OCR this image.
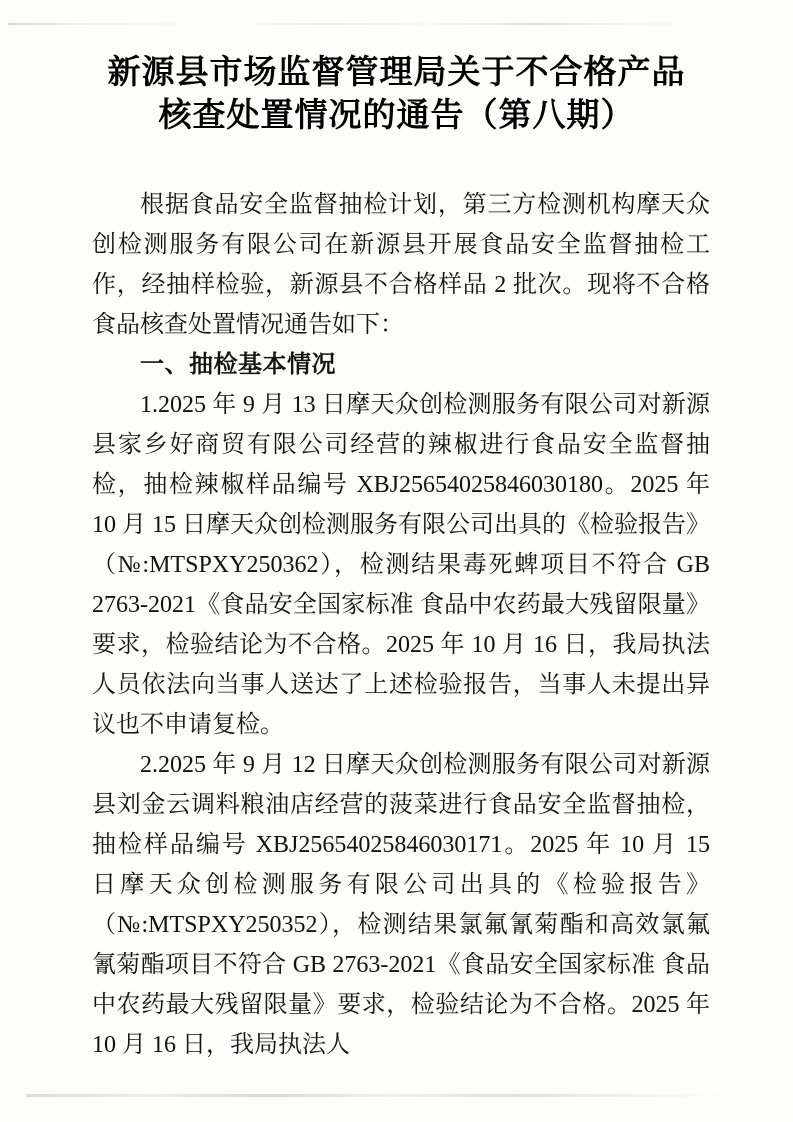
新源县市场监督管理局关于不合格产品
核查处置情况的通告（第八期）

根据食品安全监督抽检计划，第三方检测机构摩天众创检测服务有限公司在新源县开展食品安全监督抽检工作，经抽样检验，新源县不合格样品 2 批次。现将不合格食品核查处置情况通告如下：

一、抽检基本情况

1.2025 年 9 月 13 日摩天众创检测服务有限公司对新源县家乡好商贸有限公司经营的辣椒进行食品安全监督抽检，抽检辣椒样品编号 XBJ25654025846030180。2025 年 10 月 15 日摩天众创检测服务有限公司出具的《检验报告》（№:MTSPXY250362），检测结果毒死蜱项目不符合 GB 2763-2021《食品安全国家标准 食品中农药最大残留限量》要求，检验结论为不合格。2025 年 10 月 16 日，我局执法人员依法向当事人送达了上述检验报告，当事人未提出异议也不申请复检。

2.2025 年 9 月 12 日摩天众创检测服务有限公司对新源县刘金云调料粮油店经营的菠菜进行食品安全监督抽检，抽检样品编号 XBJ25654025846030171。2025 年 10 月 15 日摩天众创检测服务有限公司出具的《检验报告》（№:MTSPXY250352），检测结果氯氟氰菊酯和高效氯氟氰菊酯项目不符合 GB 2763-2021《食品安全国家标准 食品中农药最大残留限量》要求，检验结论为不合格。2025 年 10 月 16 日，我局执法人
